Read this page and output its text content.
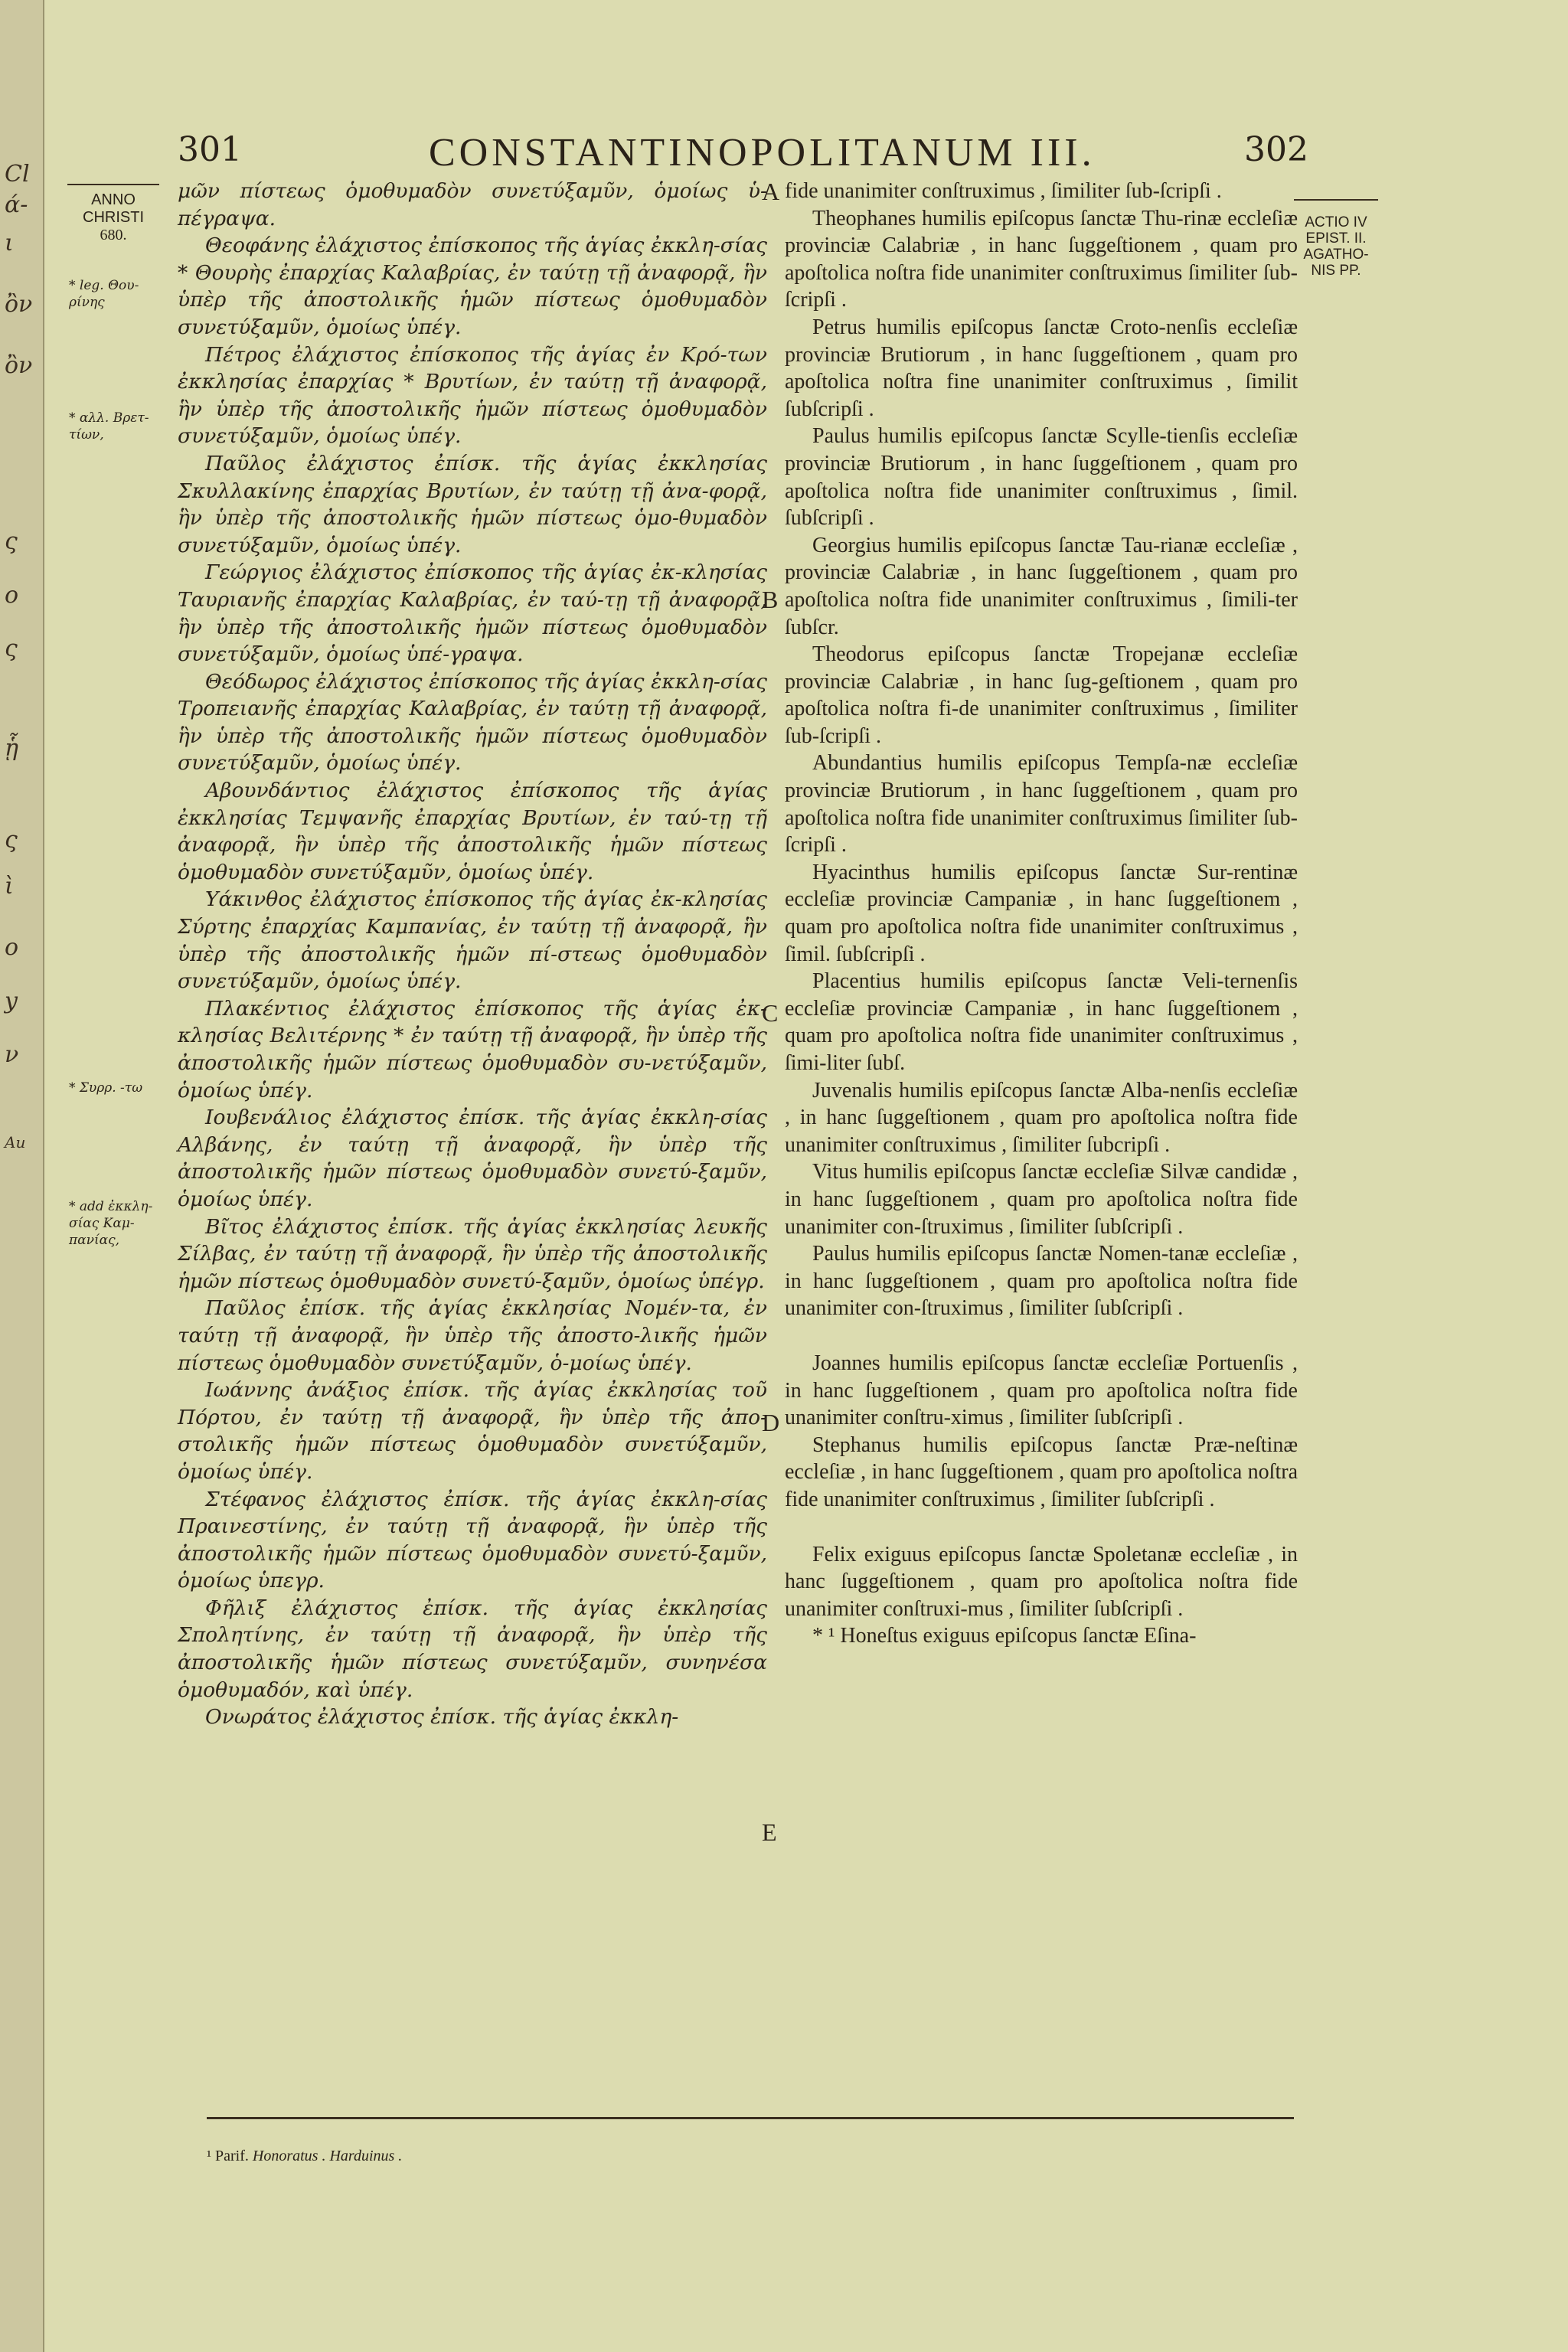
Cl
ά-
ι
ὂν
ὂν
ς
ο
ς
ᾗ
ς
ὶ
ο
y
ν
Au
301	CONSTANTINOPOLITANUM III.	302
ANNO
CHRISTI
680.
ACTIO IV
EPIST. II.
AGATHO-
NIS PP.
* leg. Θου-ρίνης
* αλλ. Βρετ-τίων,
* Συρρ. -τω
* add ἐκκλη-σίας Καμ-πανίας,

μῶν πίστεως ὁμοθυμαδὸν συνετύξαμῦν, ὁμοίως ὑ-πέγραψα.

Θεοφάνης ἐλάχιστος ἐπίσκοπος τῆς ἁγίας ἐκκλη-σίας * Θουρὴς ἐπαρχίας Καλαβρίας, ἐν ταύτῃ τῇ ἀναφορᾷ, ἣν ὑπὲρ τῆς ἀποστολικῆς ἡμῶν πίστεως ὁμοθυμαδὸν συνετύξαμῦν, ὁμοίως ὑπέγ.

Πέτρος ἐλάχιστος ἐπίσκοπος τῆς ἁγίας ἐν Κρό-των ἐκκλησίας ἐπαρχίας * Βρυτίων, ἐν ταύτῃ τῇ ἀναφορᾷ, ἣν ὑπὲρ τῆς ἀποστολικῆς ἡμῶν πίστεως ὁμοθυμαδὸν συνετύξαμῦν, ὁμοίως ὑπέγ.

Παῦλος ἐλάχιστος ἐπίσκ. τῆς ἁγίας ἐκκλησίας Σκυλλακίνης ἐπαρχίας Βρυτίων, ἐν ταύτῃ τῇ ἀνα-φορᾷ, ἣν ὑπὲρ τῆς ἀποστολικῆς ἡμῶν πίστεως ὁμο-θυμαδὸν συνετύξαμῦν, ὁμοίως ὑπέγ.

Γεώργιος ἐλάχιστος ἐπίσκοπος τῆς ἁγίας ἐκ-κλησίας Ταυριανῆς ἐπαρχίας Καλαβρίας, ἐν ταύ-τῃ τῇ ἀναφορᾷ, ἣν ὑπὲρ τῆς ἀποστολικῆς ἡμῶν πίστεως ὁμοθυμαδὸν συνετύξαμῦν, ὁμοίως ὑπέ-γραψα.

Θεόδωρος ἐλάχιστος ἐπίσκοπος τῆς ἁγίας ἐκκλη-σίας Τροπειανῆς ἐπαρχίας Καλαβρίας, ἐν ταύτῃ τῇ ἀναφορᾷ, ἣν ὑπὲρ τῆς ἀποστολικῆς ἡμῶν πίστεως ὁμοθυμαδὸν συνετύξαμῦν, ὁμοίως ὑπέγ.

Αβουνδάντιος ἐλάχιστος ἐπίσκοπος τῆς ἁγίας ἐκκλησίας Τεμψανῆς ἐπαρχίας Βρυτίων, ἐν ταύ-τῃ τῇ ἀναφορᾷ, ἣν ὑπὲρ τῆς ἀποστολικῆς ἡμῶν πίστεως ὁμοθυμαδὸν συνετύξαμῦν, ὁμοίως ὑπέγ.

Υάκινθος ἐλάχιστος ἐπίσκοπος τῆς ἁγίας ἐκ-κλησίας Σύρτης ἐπαρχίας Καμπανίας, ἐν ταύτῃ τῇ ἀναφορᾷ, ἣν ὑπὲρ τῆς ἀποστολικῆς ἡμῶν πί-στεως ὁμοθυμαδὸν συνετύξαμῦν, ὁμοίως ὑπέγ.

Πλακέντιος ἐλάχιστος ἐπίσκοπος τῆς ἁγίας ἐκ-κλησίας Βελιτέρνης * ἐν ταύτῃ τῇ ἀναφορᾷ, ἣν ὑπὲρ τῆς ἀποστολικῆς ἡμῶν πίστεως ὁμοθυμαδὸν συ-νετύξαμῦν, ὁμοίως ὑπέγ.

Ιουβενάλιος ἐλάχιστος ἐπίσκ. τῆς ἁγίας ἐκκλη-σίας Αλβάνης, ἐν ταύτῃ τῇ ἀναφορᾷ, ἣν ὑπὲρ τῆς ἀποστολικῆς ἡμῶν πίστεως ὁμοθυμαδὸν συνετύ-ξαμῦν, ὁμοίως ὑπέγ.

Βῖτος ἐλάχιστος ἐπίσκ. τῆς ἁγίας ἐκκλησίας λευκῆς Σίλβας, ἐν ταύτῃ τῇ ἀναφορᾷ, ἣν ὑπὲρ τῆς ἀποστολικῆς ἡμῶν πίστεως ὁμοθυμαδὸν συνετύ-ξαμῦν, ὁμοίως ὑπέγρ.

Παῦλος ἐπίσκ. τῆς ἁγίας ἐκκλησίας Νομέν-τα, ἐν ταύτῃ τῇ ἀναφορᾷ, ἣν ὑπὲρ τῆς ἀποστο-λικῆς ἡμῶν πίστεως ὁμοθυμαδὸν συνετύξαμῦν, ὁ-μοίως ὑπέγ.

Ιωάννης ἀνάξιος ἐπίσκ. τῆς ἁγίας ἐκκλησίας τοῦ Πόρτου, ἐν ταύτῃ τῇ ἀναφορᾷ, ἣν ὑπὲρ τῆς ἀπο-στολικῆς ἡμῶν πίστεως ὁμοθυμαδὸν συνετύξαμῦν, ὁμοίως ὑπέγ.

Στέφανος ἐλάχιστος ἐπίσκ. τῆς ἁγίας ἐκκλη-σίας Πραινεστίνης, ἐν ταύτῃ τῇ ἀναφορᾷ, ἣν ὑπὲρ τῆς ἀποστολικῆς ἡμῶν πίστεως ὁμοθυμαδὸν συνετύ-ξαμῦν, ὁμοίως ὑπεγρ.

Φῆλιξ ἐλάχιστος ἐπίσκ. τῆς ἁγίας ἐκκλησίας Σπολητίνης, ἐν ταύτῃ τῇ ἀναφορᾷ, ἣν ὑπὲρ τῆς ἀποστολικῆς ἡμῶν πίστεως συνετύξαμῦν, συνηνέσα ὁμοθυμαδόν, καὶ ὑπέγ.

Ονωράτος ἐλάχιστος ἐπίσκ. τῆς ἁγίας ἐκκλη-

A
B
C
D
E

fide unanimiter conſtruximus , ſimiliter ſub-ſcripſi .

Theophanes humilis epiſcopus ſanctæ Thu-rinæ eccleſiæ provinciæ Calabriæ , in hanc ſuggeſtionem , quam pro apoſtolica noſtra fide unanimiter conſtruximus ſimiliter ſub-ſcripſi .

Petrus humilis epiſcopus ſanctæ Croto-nenſis eccleſiæ provinciæ Brutiorum , in hanc ſuggeſtionem , quam pro apoſtolica noſtra fine unanimiter conſtruximus , ſimilit ſubſcripſi .

Paulus humilis epiſcopus ſanctæ Scylle-tienſis eccleſiæ provinciæ Brutiorum , in hanc ſuggeſtionem , quam pro apoſtolica noſtra fide unanimiter conſtruximus , ſimil. ſubſcripſi .

Georgius humilis epiſcopus ſanctæ Tau-rianæ eccleſiæ , provinciæ Calabriæ , in hanc ſuggeſtionem , quam pro apoſtolica noſtra fide unanimiter conſtruximus , ſimili-ter ſubſcr.

Theodorus epiſcopus ſanctæ Tropejanæ eccleſiæ provinciæ Calabriæ , in hanc ſug-geſtionem , quam pro apoſtolica noſtra fi-de unanimiter conſtruximus , ſimiliter ſub-ſcripſi .

Abundantius humilis epiſcopus Tempſa-næ eccleſiæ provinciæ Brutiorum , in hanc ſuggeſtionem , quam pro apoſtolica noſtra fide unanimiter conſtruximus ſimiliter ſub-ſcripſi .

Hyacinthus humilis epiſcopus ſanctæ Sur-rentinæ eccleſiæ provinciæ Campaniæ , in hanc ſuggeſtionem , quam pro apoſtolica noſtra fide unanimiter conſtruximus , ſimil. ſubſcripſi .

Placentius humilis epiſcopus ſanctæ Veli-ternenſis eccleſiæ provinciæ Campaniæ , in hanc ſuggeſtionem , quam pro apoſtolica noſtra fide unanimiter conſtruximus , ſimi-liter ſubſ.

Juvenalis humilis epiſcopus ſanctæ Alba-nenſis eccleſiæ , in hanc ſuggeſtionem , quam pro apoſtolica noſtra fide unanimiter conſtruximus , ſimiliter ſubcripſi .

Vitus humilis epiſcopus ſanctæ eccleſiæ Silvæ candidæ , in hanc ſuggeſtionem , quam pro apoſtolica noſtra fide unanimiter con-ſtruximus , ſimiliter ſubſcripſi .

Paulus humilis epiſcopus ſanctæ Nomen-tanæ eccleſiæ , in hanc ſuggeſtionem , quam pro apoſtolica noſtra fide unanimiter con-ſtruximus , ſimiliter ſubſcripſi .

Joannes humilis epiſcopus ſanctæ eccleſiæ Portuenſis , in hanc ſuggeſtionem , quam pro apoſtolica noſtra fide unanimiter conſtru-ximus , ſimiliter ſubſcripſi .

Stephanus humilis epiſcopus ſanctæ Præ-neſtinæ eccleſiæ , in hanc ſuggeſtionem , quam pro apoſtolica noſtra fide unanimiter conſtruximus , ſimiliter ſubſcripſi .

Felix exiguus epiſcopus ſanctæ Spoletanæ eccleſiæ , in hanc ſuggeſtionem , quam pro apoſtolica noſtra fide unanimiter conſtruxi-mus , ſimiliter ſubſcripſi .

* ¹ Honeſtus exiguus epiſcopus ſanctæ Eſina-

¹ Parif. Honoratus . Harduinus .
